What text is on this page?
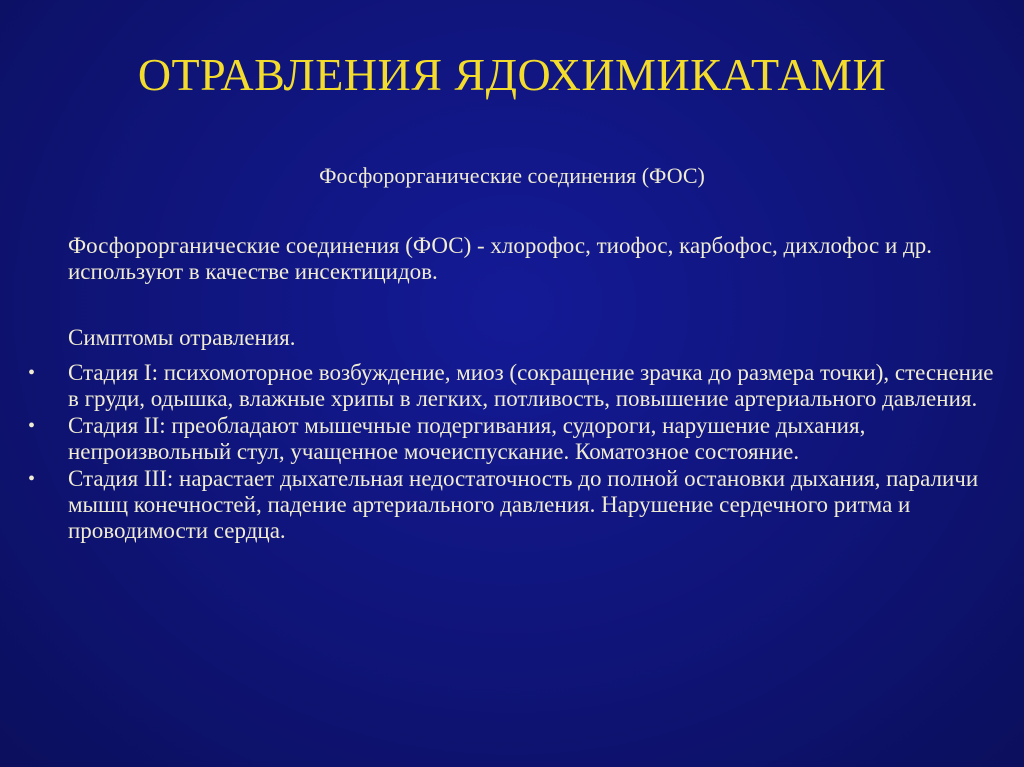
ОТРАВЛЕНИЯ ЯДОХИМИКАТАМИ
Фосфорорганические соединения (ФОС)
Фосфорорганические соединения (ФОС) - хлорофос, тиофос, карбофос, дихлофос и др. используют в качестве инсектицидов.
Симптомы отравления.
• Стадия I: психомоторное возбуждение, миоз (сокращение зрачка до размера точки), стеснение в груди, одышка, влажные хрипы в легких, потливость, повышение артериального давления.
• Стадия II: преобладают мышечные подергивания, судороги, нарушение дыхания, непроизвольный стул, учащенное мочеиспускание. Коматозное состояние.
• Стадия III: нарастает дыхательная недостаточность до полной остановки дыхания, параличи мышц конечностей, падение артериального давления. Нарушение сердечного ритма и проводимости сердца.
